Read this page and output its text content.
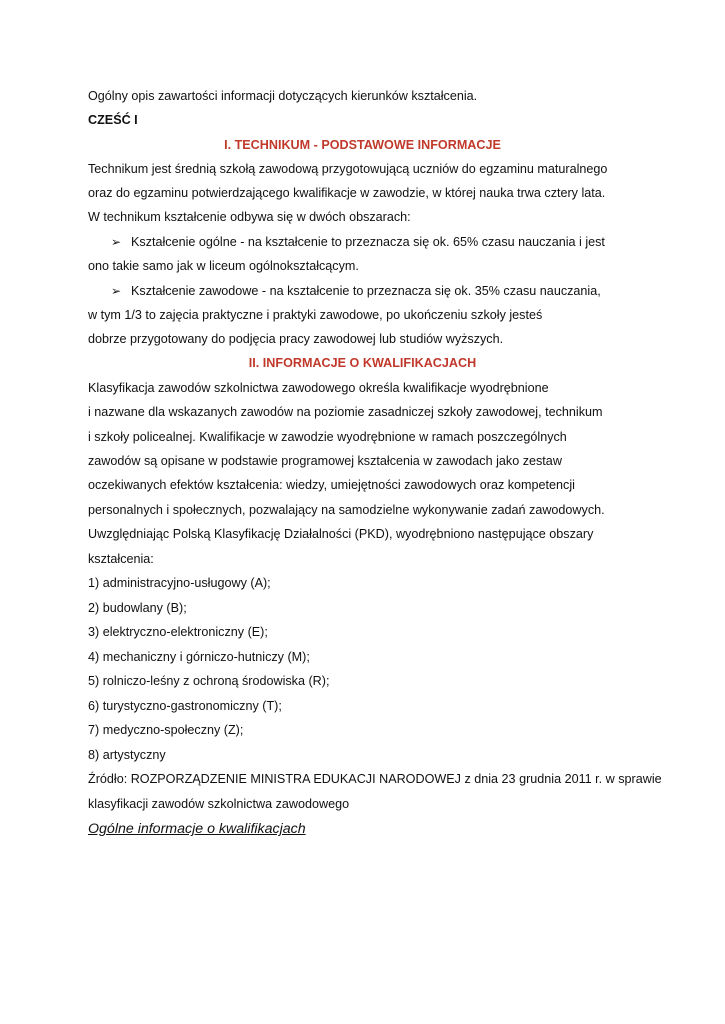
Ogólny opis zawartości informacji dotyczących kierunków kształcenia.
CZEŚĆ I
I. TECHNIKUM - PODSTAWOWE INFORMACJE
Technikum jest średnią szkołą zawodową przygotowującą uczniów do egzaminu maturalnego
oraz do egzaminu potwierdzającego kwalifikacje w zawodzie, w której nauka trwa cztery lata.
W technikum kształcenie odbywa się w dwóch obszarach:
➢ Kształcenie ogólne - na kształcenie to przeznacza się ok. 65% czasu nauczania i jest
ono takie samo jak w liceum ogólnokształcącym.
➢ Kształcenie zawodowe - na kształcenie to przeznacza się ok. 35% czasu nauczania,
w tym 1/3 to zajęcia praktyczne i praktyki zawodowe, po ukończeniu szkoły jesteś
dobrze przygotowany do podjęcia pracy zawodowej lub studiów wyższych.
II. INFORMACJE O KWALIFIKACJACH
Klasyfikacja zawodów szkolnictwa zawodowego określa kwalifikacje wyodrębnione
i nazwane dla wskazanych zawodów na poziomie zasadniczej szkoły zawodowej, technikum
i szkoły policealnej. Kwalifikacje w zawodzie wyodrębnione w ramach poszczególnych
zawodów są opisane w podstawie programowej kształcenia w zawodach jako zestaw
oczekiwanych efektów kształcenia: wiedzy, umiejętności zawodowych oraz kompetencji
personalnych i społecznych, pozwalający na samodzielne wykonywanie zadań zawodowych.
Uwzględniając Polską Klasyfikację Działalności (PKD), wyodrębniono następujące obszary
kształcenia:
1) administracyjno-usługowy (A);
2) budowlany (B);
3) elektryczno-elektroniczny (E);
4) mechaniczny i górniczo-hutniczy (M);
5) rolniczo-leśny z ochroną środowiska (R);
6) turystyczno-gastronomiczny (T);
7) medyczno-społeczny (Z);
8) artystyczny
Źródło: ROZPORZĄDZENIE MINISTRA EDUKACJI NARODOWEJ z dnia 23 grudnia 2011 r. w sprawie
klasyfikacji zawodów szkolnictwa zawodowego
Ogólne informacje o kwalifikacjach
